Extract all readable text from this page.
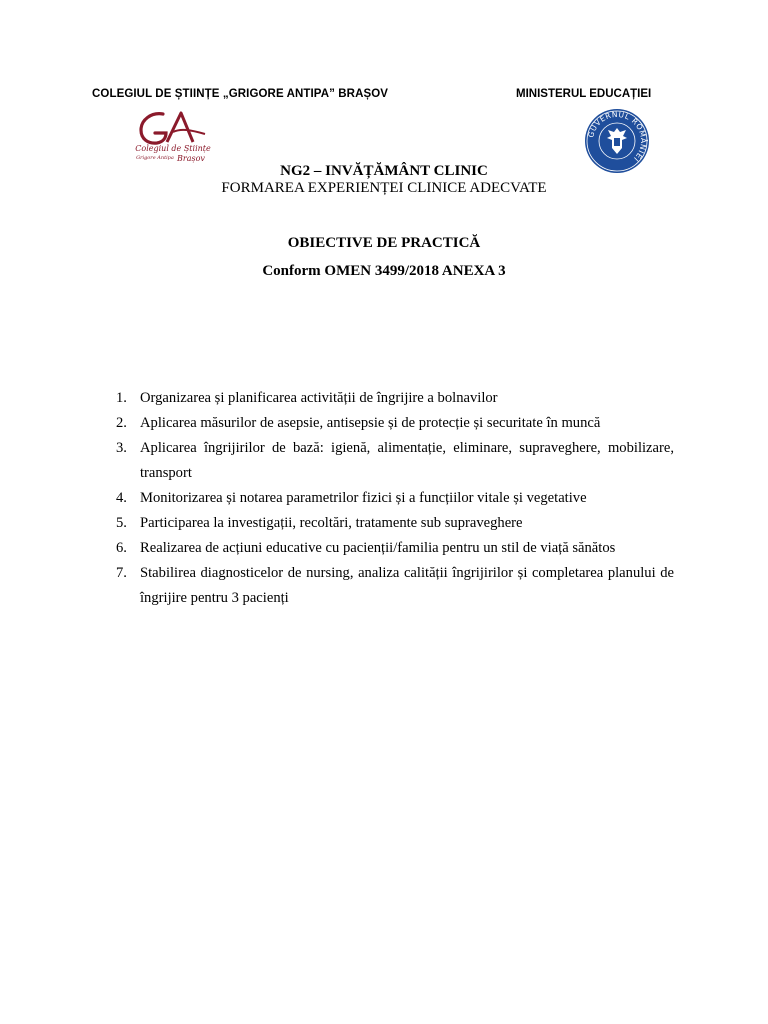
COLEGIUL DE ȘTIINȚE „GRIGORE ANTIPA” BRAȘOV	MINISTERUL EDUCAȚIEI
Colegiul de Științe
Grigore Antipa Brașov
GUVERNUL ROMÂNIEI
NG2 – INVĂȚĂMÂNT CLINIC
FORMAREA EXPERIENȚEI CLINICE ADECVATE
OBIECTIVE DE PRACTICĂ
Conform OMEN 3499/2018 ANEXA 3
1. Organizarea și planificarea activității de îngrijire a bolnavilor
2. Aplicarea măsurilor de asepsie, antisepsie și de protecție și securitate în muncă
3. Aplicarea îngrijirilor de bază: igienă, alimentație, eliminare, supraveghere, mobilizare, transport
4. Monitorizarea și notarea parametrilor fizici și a funcțiilor vitale și vegetative
5. Participarea la investigații, recoltări, tratamente sub supraveghere
6. Realizarea de acțiuni educative cu pacienții/familia pentru un stil de viață sănătos
7. Stabilirea diagnosticelor de nursing, analiza calității îngrijirilor și completarea planului de îngrijire pentru 3 pacienți
